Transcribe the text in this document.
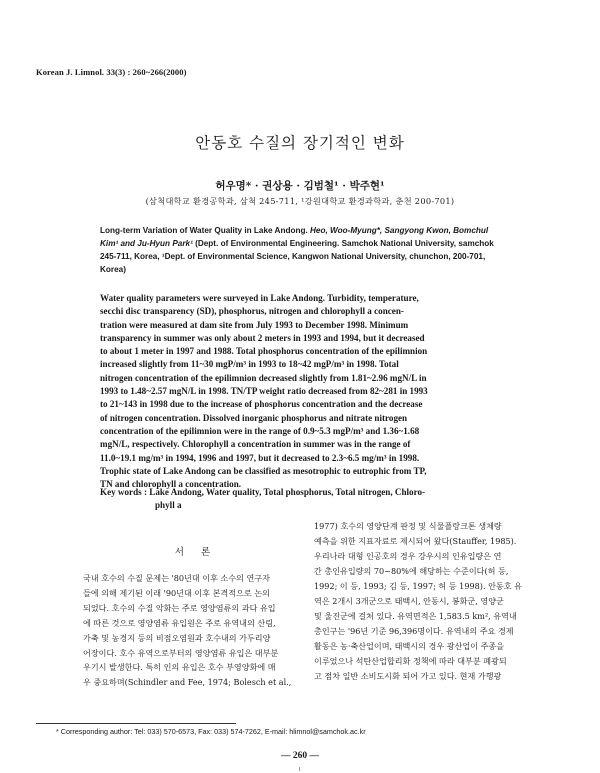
Korean J. Limnol. 33(3) : 260~266(2000)
안동호 수질의 장기적인 변화
허우명* · 권상용 · 김범철¹ · 박주현¹
(삼척대학교 환경공학과, 삼척 245-711, ¹강원대학교 환경과학과, 춘천 200-701)
Long-term Variation of Water Quality in Lake Andong. Heo, Woo-Myung*, Sangyong Kwon, Bomchul Kim¹ and Ju-Hyun Park¹ (Dept. of Environmental Engineering. Samchok National University, samchok 245-711, Korea, ¹Dept. of Environmental Science, Kangwon National University, chunchon, 200-701, Korea)
Water quality parameters were surveyed in Lake Andong. Turbidity, temperature,
secchi disc transparency (SD), phosphorus, nitrogen and chlorophyll a concen-
tration were measured at dam site from July 1993 to December 1998. Minimum
transparency in summer was only about 2 meters in 1993 and 1994, but it decreased
to about 1 meter in 1997 and 1988. Total phosphorus concentration of the epilimnion
increased slightly from 11~30 mgP/m³ in 1993 to 18~42 mgP/m³ in 1998. Total
nitrogen concentration of the epilimnion decreased slightly from 1.81~2.96 mgN/L in
1993 to 1.48~2.57 mgN/L in 1998. TN/TP weight ratio decreased from 82~281 in 1993
to 21~143 in 1998 due to the increase of phosphorus concentration and the decrease
of nitrogen concentration. Dissolved inorganic phosphorus and nitrate nitrogen
concentration of the epilimnion were in the range of 0.9~5.3 mgP/m³ and 1.36~1.68
mgN/L, respectively. Chlorophyll a concentration in summer was in the range of
11.0~19.1 mg/m³ in 1994, 1996 and 1997, but it decreased to 2.3~6.5 mg/m³ in 1998.
Trophic state of Lake Andong can be classified as mesotrophic to eutrophic from TP,
TN and chlorophyll a concentration.
Key words : Lake Andong, Water quality, Total phosphorus, Total nitrogen, Chloro-
phyll a
서 론
국내 호수의 수질 문제는 '80년대 이후 소수의 연구자
들에 의해 제기된 이래 '90년대 이후 본격적으로 논의
되었다. 호수의 수질 악화는 주로 영양염류의 과다 유입
에 따른 것으로 영양염류 유입원은 주로 유역내의 산림,
가축 및 농경지 등의 비점오염원과 호수내의 가두리양
어장이다. 호수 유역으로부터의 영양염류 유입은 대부분
우기시 발생한다. 특히 인의 유입은 호수 부영양화에 매
우 중요하며(Schindler and Fee, 1974; Bolesch et al.,
1977) 호수의 영양단계 판정 및 식물플랑크톤 생체량
예측을 위한 지표자료로 제시되어 왔다(Stauffer, 1985).
우리나라 대형 인공호의 경우 강우시의 인유입량은 연
간 총인유입량의 70~80%에 해당하는 수준이다(허 등,
1992; 이 등, 1993; 김 등, 1997; 허 등 1998). 안동호 유
역은 2개시 3개군으로 태백시, 안동시, 봉화군, 영양군
및 울진군에 걸쳐 있다. 유역면적은 1,583.5 km², 유역내
총인구는 '96년 기준 96,396명이다. 유역내의 주요 경제
활동은 농·축산업이며, 태백시의 경우 광산업이 주종을
이루었으나 석탄산업합리화 정책에 따라 대부분 폐광되
고 점차 일반 소비도시화 되어 가고 있다. 현재 가행광
* Corresponding author: Tel: 033) 570-6573, Fax: 033) 574-7262, E-mail: hlimnol@samchok.ac.kr
— 260 —
